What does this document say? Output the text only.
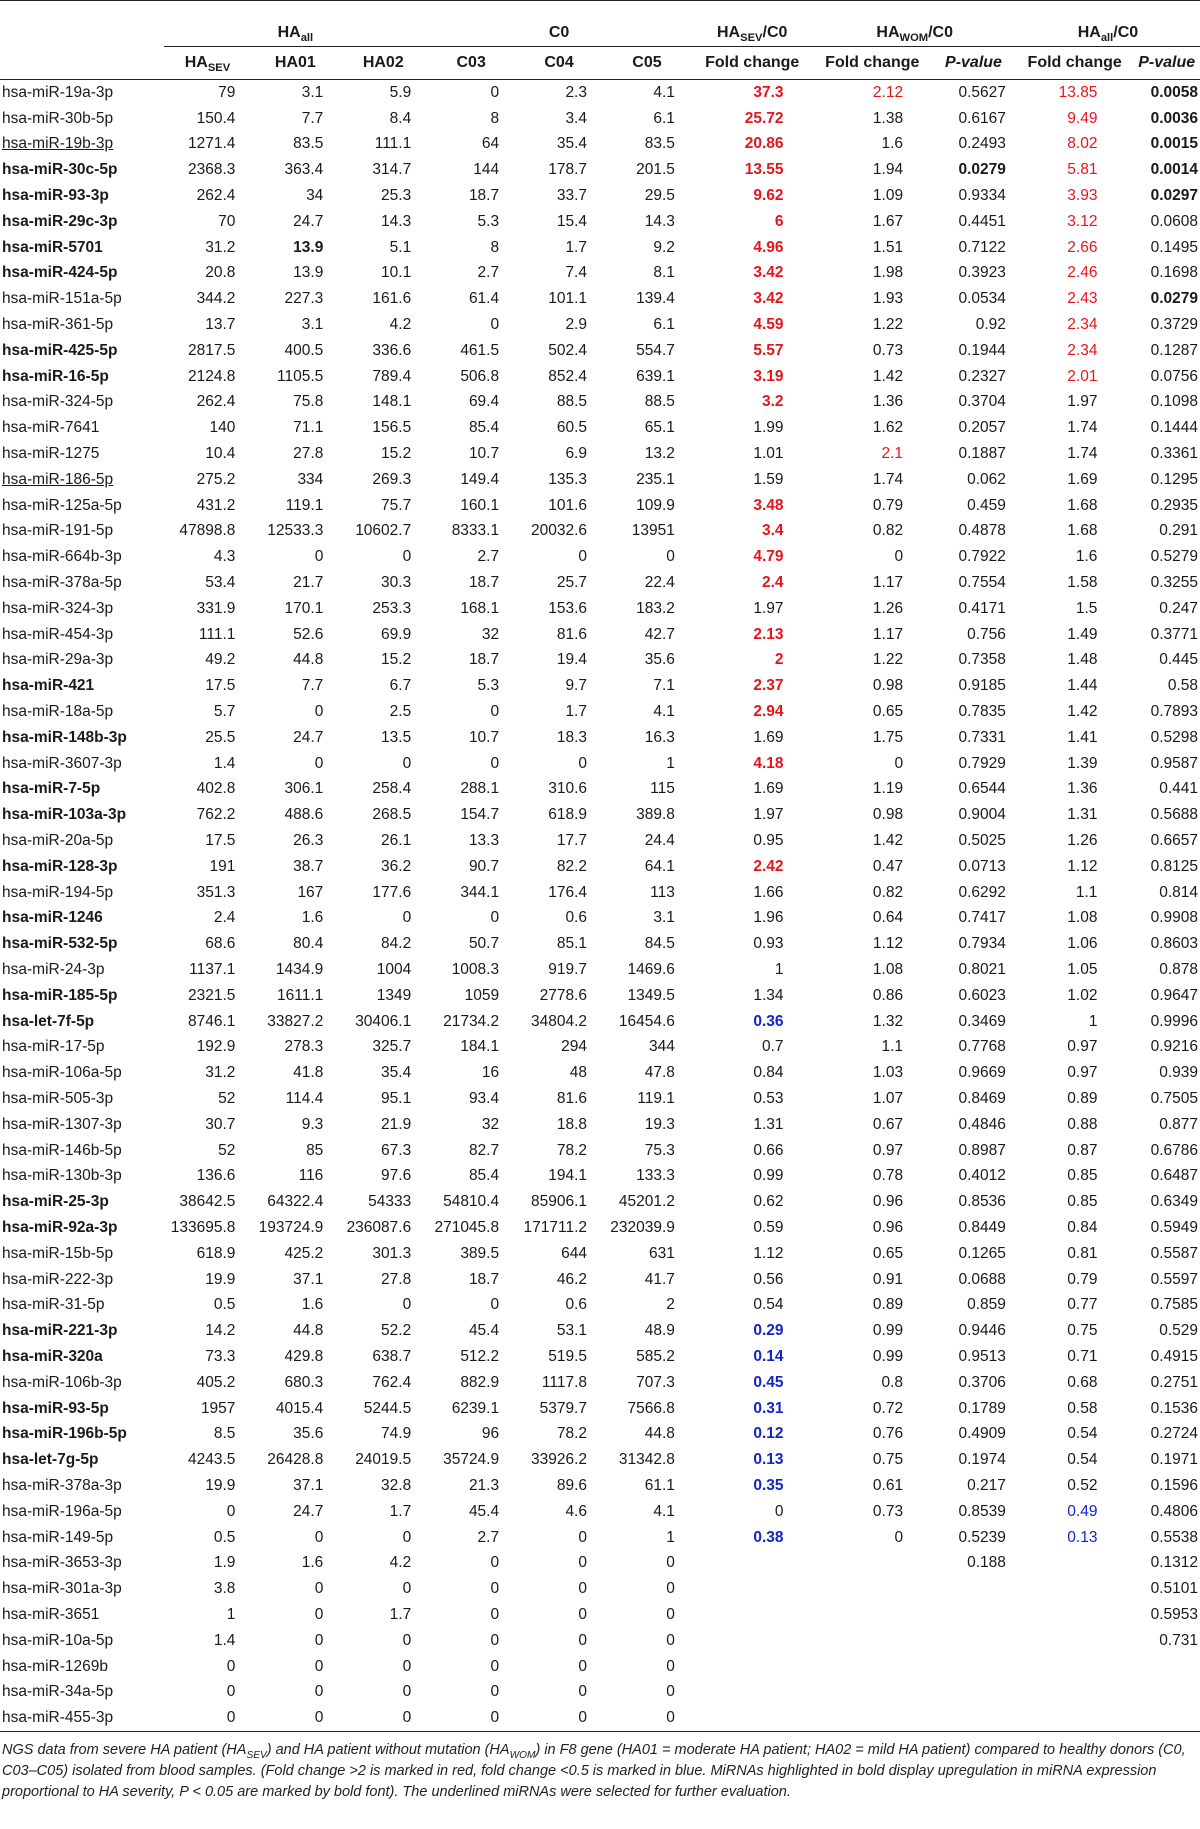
	$HA_{all}$			C0			$HA_{SEV}/C0$	$HA_{WOM}/C0$		$HA_{all}/C0$	
	$HA_{SEV}$	HA01	HA02	C03	C04	C05	Fold change	Fold change	P-value	Fold change	P-value
hsa-miR-19a-3p	79	3.1	5.9	0	2.3	4.1	37.3	2.12	0.5627	13.85	0.0058
hsa-miR-30b-5p	150.4	7.7	8.4	8	3.4	6.1	25.72	1.38	0.6167	9.49	0.0036
hsa-miR-19b-3p	1271.4	83.5	111.1	64	35.4	83.5	20.86	1.6	0.2493	8.02	0.0015
hsa-miR-30c-5p	2368.3	363.4	314.7	144	178.7	201.5	13.55	1.94	0.0279	5.81	0.0014
hsa-miR-93-3p	262.4	34	25.3	18.7	33.7	29.5	9.62	1.09	0.9334	3.93	0.0297
hsa-miR-29c-3p	70	24.7	14.3	5.3	15.4	14.3	6	1.67	0.4451	3.12	0.0608
hsa-miR-5701	31.2	13.9	5.1	8	1.7	9.2	4.96	1.51	0.7122	2.66	0.1495
hsa-miR-424-5p	20.8	13.9	10.1	2.7	7.4	8.1	3.42	1.98	0.3923	2.46	0.1698
hsa-miR-151a-5p	344.2	227.3	161.6	61.4	101.1	139.4	3.42	1.93	0.0534	2.43	0.0279
hsa-miR-361-5p	13.7	3.1	4.2	0	2.9	6.1	4.59	1.22	0.92	2.34	0.3729
hsa-miR-425-5p	2817.5	400.5	336.6	461.5	502.4	554.7	5.57	0.73	0.1944	2.34	0.1287
hsa-miR-16-5p	2124.8	1105.5	789.4	506.8	852.4	639.1	3.19	1.42	0.2327	2.01	0.0756
hsa-miR-324-5p	262.4	75.8	148.1	69.4	88.5	88.5	3.2	1.36	0.3704	1.97	0.1098
hsa-miR-7641	140	71.1	156.5	85.4	60.5	65.1	1.99	1.62	0.2057	1.74	0.1444
hsa-miR-1275	10.4	27.8	15.2	10.7	6.9	13.2	1.01	2.1	0.1887	1.74	0.3361
hsa-miR-186-5p	275.2	334	269.3	149.4	135.3	235.1	1.59	1.74	0.062	1.69	0.1295
hsa-miR-125a-5p	431.2	119.1	75.7	160.1	101.6	109.9	3.48	0.79	0.459	1.68	0.2935
hsa-miR-191-5p	47898.8	12533.3	10602.7	8333.1	20032.6	13951	3.4	0.82	0.4878	1.68	0.291
hsa-miR-664b-3p	4.3	0	0	2.7	0	0	4.79	0	0.7922	1.6	0.5279
hsa-miR-378a-5p	53.4	21.7	30.3	18.7	25.7	22.4	2.4	1.17	0.7554	1.58	0.3255
hsa-miR-324-3p	331.9	170.1	253.3	168.1	153.6	183.2	1.97	1.26	0.4171	1.5	0.247
hsa-miR-454-3p	111.1	52.6	69.9	32	81.6	42.7	2.13	1.17	0.756	1.49	0.3771
hsa-miR-29a-3p	49.2	44.8	15.2	18.7	19.4	35.6	2	1.22	0.7358	1.48	0.445
hsa-miR-421	17.5	7.7	6.7	5.3	9.7	7.1	2.37	0.98	0.9185	1.44	0.58
hsa-miR-18a-5p	5.7	0	2.5	0	1.7	4.1	2.94	0.65	0.7835	1.42	0.7893
hsa-miR-148b-3p	25.5	24.7	13.5	10.7	18.3	16.3	1.69	1.75	0.7331	1.41	0.5298
hsa-miR-3607-3p	1.4	0	0	0	0	1	4.18	0	0.7929	1.39	0.9587
hsa-miR-7-5p	402.8	306.1	258.4	288.1	310.6	115	1.69	1.19	0.6544	1.36	0.441
hsa-miR-103a-3p	762.2	488.6	268.5	154.7	618.9	389.8	1.97	0.98	0.9004	1.31	0.5688
hsa-miR-20a-5p	17.5	26.3	26.1	13.3	17.7	24.4	0.95	1.42	0.5025	1.26	0.6657
hsa-miR-128-3p	191	38.7	36.2	90.7	82.2	64.1	2.42	0.47	0.0713	1.12	0.8125
hsa-miR-194-5p	351.3	167	177.6	344.1	176.4	113	1.66	0.82	0.6292	1.1	0.814
hsa-miR-1246	2.4	1.6	0	0	0.6	3.1	1.96	0.64	0.7417	1.08	0.9908
hsa-miR-532-5p	68.6	80.4	84.2	50.7	85.1	84.5	0.93	1.12	0.7934	1.06	0.8603
hsa-miR-24-3p	1137.1	1434.9	1004	1008.3	919.7	1469.6	1	1.08	0.8021	1.05	0.878
hsa-miR-185-5p	2321.5	1611.1	1349	1059	2778.6	1349.5	1.34	0.86	0.6023	1.02	0.9647
hsa-let-7f-5p	8746.1	33827.2	30406.1	21734.2	34804.2	16454.6	0.36	1.32	0.3469	1	0.9996
hsa-miR-17-5p	192.9	278.3	325.7	184.1	294	344	0.7	1.1	0.7768	0.97	0.9216
hsa-miR-106a-5p	31.2	41.8	35.4	16	48	47.8	0.84	1.03	0.9669	0.97	0.939
hsa-miR-505-3p	52	114.4	95.1	93.4	81.6	119.1	0.53	1.07	0.8469	0.89	0.7505
hsa-miR-1307-3p	30.7	9.3	21.9	32	18.8	19.3	1.31	0.67	0.4846	0.88	0.877
hsa-miR-146b-5p	52	85	67.3	82.7	78.2	75.3	0.66	0.97	0.8987	0.87	0.6786
hsa-miR-130b-3p	136.6	116	97.6	85.4	194.1	133.3	0.99	0.78	0.4012	0.85	0.6487
hsa-miR-25-3p	38642.5	64322.4	54333	54810.4	85906.1	45201.2	0.62	0.96	0.8536	0.85	0.6349
hsa-miR-92a-3p	133695.8	193724.9	236087.6	271045.8	171711.2	232039.9	0.59	0.96	0.8449	0.84	0.5949
hsa-miR-15b-5p	618.9	425.2	301.3	389.5	644	631	1.12	0.65	0.1265	0.81	0.5587
hsa-miR-222-3p	19.9	37.1	27.8	18.7	46.2	41.7	0.56	0.91	0.0688	0.79	0.5597
hsa-miR-31-5p	0.5	1.6	0	0	0.6	2	0.54	0.89	0.859	0.77	0.7585
hsa-miR-221-3p	14.2	44.8	52.2	45.4	53.1	48.9	0.29	0.99	0.9446	0.75	0.529
hsa-miR-320a	73.3	429.8	638.7	512.2	519.5	585.2	0.14	0.99	0.9513	0.71	0.4915
hsa-miR-106b-3p	405.2	680.3	762.4	882.9	1117.8	707.3	0.45	0.8	0.3706	0.68	0.2751
hsa-miR-93-5p	1957	4015.4	5244.5	6239.1	5379.7	7566.8	0.31	0.72	0.1789	0.58	0.1536
hsa-miR-196b-5p	8.5	35.6	74.9	96	78.2	44.8	0.12	0.76	0.4909	0.54	0.2724
hsa-let-7g-5p	4243.5	26428.8	24019.5	35724.9	33926.2	31342.8	0.13	0.75	0.1974	0.54	0.1971
hsa-miR-378a-3p	19.9	37.1	32.8	21.3	89.6	61.1	0.35	0.61	0.217	0.52	0.1596
hsa-miR-196a-5p	0	24.7	1.7	45.4	4.6	4.1	0	0.73	0.8539	0.49	0.4806
hsa-miR-149-5p	0.5	0	0	2.7	0	1	0.38	0	0.5239	0.13	0.5538
hsa-miR-3653-3p	1.9	1.6	4.2	0	0	0			0.188		0.1312
hsa-miR-301a-3p	3.8	0	0	0	0	0					0.5101
hsa-miR-3651	1	0	1.7	0	0	0					0.5953
hsa-miR-10a-5p	1.4	0	0	0	0	0					0.731
hsa-miR-1269b	0	0	0	0	0	0					
hsa-miR-34a-5p	0	0	0	0	0	0					
hsa-miR-455-3p	0	0	0	0	0	0					
NGS data from severe HA patient $(HA_{SEV})$ and HA patient without mutation $(HA_{WOM})$ in F8 gene (HA01 = moderate HA patient; HA02 = mild HA patient) compared to healthy donors (C0, C03–C05) isolated from blood samples. (Fold change >2 is marked in red, fold change <0.5 is marked in blue. MiRNAs highlighted in bold display upregulation in miRNA expression proportional to HA severity, P < 0.05 are marked by bold font). The underlined miRNAs were selected for further evaluation.
